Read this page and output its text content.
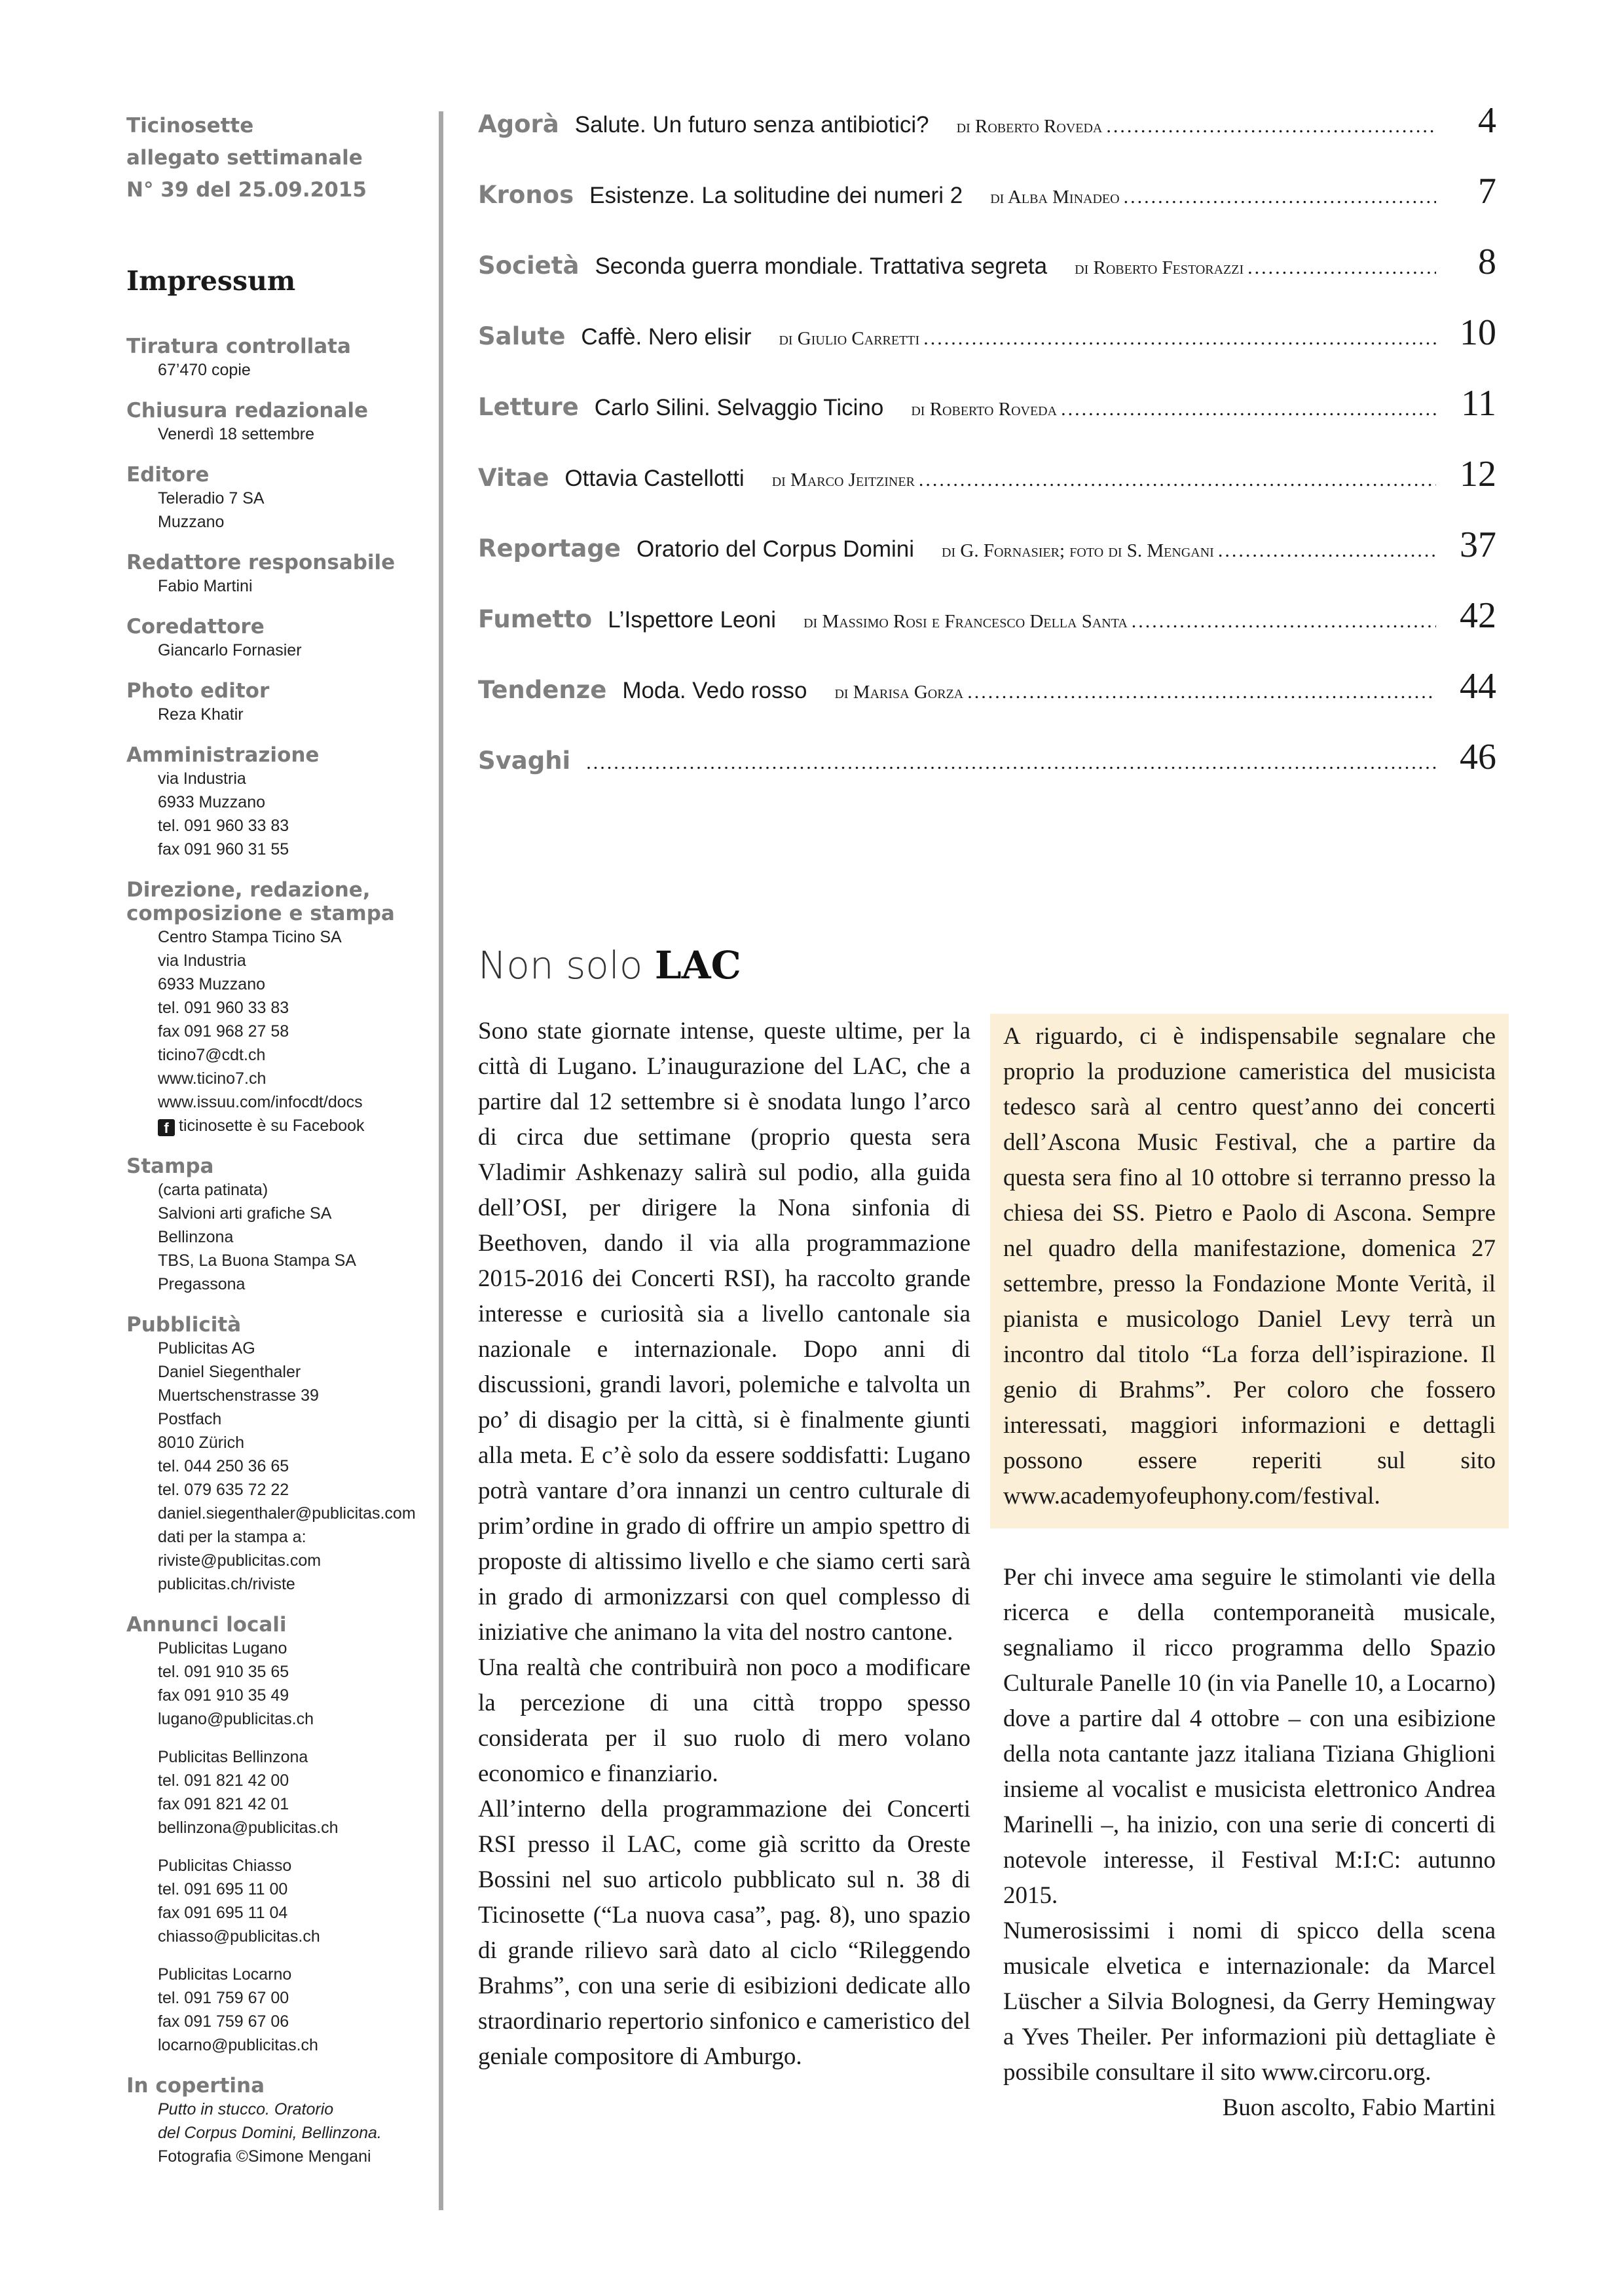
Ticinosette
allegato settimanale
N° 39 del 25.09.2015
Impressum
Tiratura controllata
67’470 copie
Chiusura redazionale
Venerdì 18 settembre
Editore
Teleradio 7 SA
Muzzano
Redattore responsabile
Fabio Martini
Coredattore
Giancarlo Fornasier
Photo editor
Reza Khatir
Amministrazione
via Industria
6933 Muzzano
tel. 091 960 33 83
fax 091 960 31 55
Direzione, redazione,
composizione e stampa
Centro Stampa Ticino SA
via Industria
6933 Muzzano
tel. 091 960 33 83
fax 091 968 27 58
ticino7@cdt.ch
www.ticino7.ch
www.issuu.com/infocdt/docs
f ticinosette è su Facebook
Stampa
(carta patinata)
Salvioni arti grafiche SA
Bellinzona
TBS, La Buona Stampa SA
Pregassona
Pubblicità
Publicitas AG
Daniel Siegenthaler
Muertschenstrasse 39
Postfach
8010 Zürich
tel. 044 250 36 65
tel. 079 635 72 22
daniel.siegenthaler@publicitas.com
dati per la stampa a:
riviste@publicitas.com
publicitas.ch/riviste
Annunci locali
Publicitas Lugano
tel. 091 910 35 65
fax 091 910 35 49
lugano@publicitas.ch
Publicitas Bellinzona
tel. 091 821 42 00
fax 091 821 42 01
bellinzona@publicitas.ch
Publicitas Chiasso
tel. 091 695 11 00
fax 091 695 11 04
chiasso@publicitas.ch
Publicitas Locarno
tel. 091 759 67 00
fax 091 759 67 06
locarno@publicitas.ch
In copertina
Putto in stucco. Oratorio
del Corpus Domini, Bellinzona.
Fotografia ©Simone Mengani
Agorà Salute. Un futuro senza antibiotici? di Roberto Roveda .....	4
Kronos Esistenze. La solitudine dei numeri 2 di Alba Minadeo .....	7
Società Seconda guerra mondiale. Trattativa segreta di Roberto Festorazzi .....	8
Salute Caffè. Nero elisir di Giulio Carretti .....	10
Letture Carlo Silini. Selvaggio Ticino di Roberto Roveda .....	11
Vitae Ottavia Castellotti di Marco Jeitziner .....	12
Reportage Oratorio del Corpus Domini di G. Fornasier; foto di S. Mengani .....	37
Fumetto L’Ispettore Leoni di Massimo Rosi e Francesco Della Santa .....	42
Tendenze Moda. Vedo rosso di Marisa Gorza .....	44
Svaghi .....	46
Non solo LAC

Sono state giornate intense, queste ultime, per la città di Lugano. L’inaugurazione del LAC, che a partire dal 12 settembre si è snodata lungo l’arco di circa due settimane (proprio questa sera Vladimir Ashkenazy salirà sul podio, alla guida dell’OSI, per dirigere la Nona sinfonia di Beethoven, dando il via alla programmazione 2015-2016 dei Concerti RSI), ha raccolto grande interesse e curiosità sia a livello cantonale sia nazionale e internazionale. Dopo anni di discussioni, grandi lavori, polemiche e talvolta un po’ di disagio per la città, si è finalmente giunti alla meta. E c’è solo da essere soddisfatti: Lugano potrà vantare d’ora innanzi un centro culturale di prim’ordine in grado di offrire un ampio spettro di proposte di altissimo livello e che siamo certi sarà in grado di armonizzarsi con quel complesso di iniziative che animano la vita del nostro cantone.

Una realtà che contribuirà non poco a modificare la percezione di una città troppo spesso considerata per il suo ruolo di mero volano economico e finanziario.

All’interno della programmazione dei Concerti RSI presso il LAC, come già scritto da Oreste Bossini nel suo articolo pubblicato sul n. 38 di Ticinosette (“La nuova casa”, pag. 8), uno spazio di grande rilievo sarà dato al ciclo “Rileggendo Brahms”, con una serie di esibizioni dedicate allo straordinario repertorio sinfonico e cameristico del geniale compositore di Amburgo.

A riguardo, ci è indispensabile segnalare che proprio la produzione cameristica del musicista tedesco sarà al centro quest’anno dei concerti dell’Ascona Music Festival, che a partire da questa sera fino al 10 ottobre si terranno presso la chiesa dei SS. Pietro e Paolo di Ascona. Sempre nel quadro della manifestazione, domenica 27 settembre, presso la Fondazione Monte Verità, il pianista e musicologo Daniel Levy terrà un incontro dal titolo “La forza dell’ispirazione. Il genio di Brahms”. Per coloro che fossero interessati, maggiori informazioni e dettagli possono essere reperiti sul sito www.academyofeuphony.com/festival.

Per chi invece ama seguire le stimolanti vie della ricerca e della contemporaneità musicale, segnaliamo il ricco programma dello Spazio Culturale Panelle 10 (in via Panelle 10, a Locarno) dove a partire dal 4 ottobre – con una esibizione della nota cantante jazz italiana Tiziana Ghiglioni insieme al vocalist e musicista elettronico Andrea Marinelli –, ha inizio, con una serie di concerti di notevole interesse, il Festival M:I:C: autunno 2015.

Numerosissimi i nomi di spicco della scena musicale elvetica e internazionale: da Marcel Lüscher a Silvia Bolognesi, da Gerry Hemingway a Yves Theiler. Per informazioni più dettagliate è possibile consultare il sito www.circoru.org.

Buon ascolto, Fabio Martini
